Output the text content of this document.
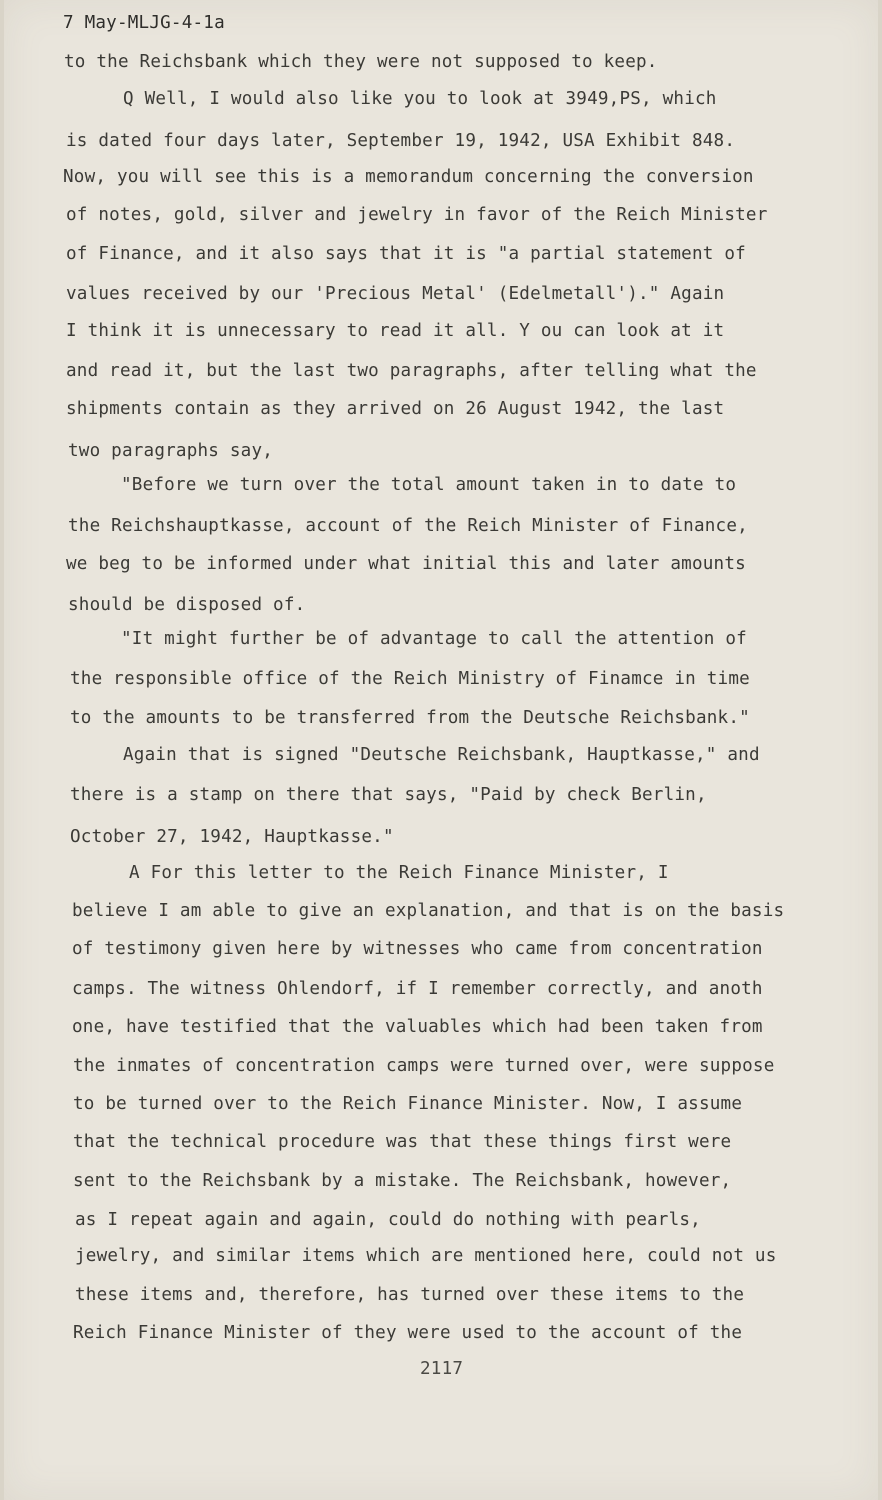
7 May-MLJG-4-1a
to the Reichsbank which they were not supposed to keep.
Q Well, I would also like you to look at 3949,PS, which
is dated four days later, September 19, 1942, USA Exhibit 848.
Now, you will see this is a memorandum concerning the conversion
of notes, gold, silver and jewelry in favor of the Reich Minister
of Finance, and it also says that it is "a partial statement of
values received by our 'Precious Metal' (Edelmetall')." Again
I think it is unnecessary to read it all. Y ou can look at it
and read it, but the last two paragraphs, after telling what the
shipments contain as they arrived on 26 August 1942, the last
two paragraphs say,
"Before we turn over the total amount taken in to date to
the Reichshauptkasse, account of the Reich Minister of Finance,
we beg to be informed under what initial this and later amounts
should be disposed of.
"It might further be of advantage to call the attention of
the responsible office of the Reich Ministry of Finamce in time
to the amounts to be transferred from the Deutsche Reichsbank."
Again that is signed "Deutsche Reichsbank, Hauptkasse," and
there is a stamp on there that says, "Paid by check Berlin,
October 27, 1942, Hauptkasse."
A For this letter to the Reich Finance Minister, I
believe I am able to give an explanation, and that is on the basis
of testimony given here by witnesses who came from concentration
camps. The witness Ohlendorf, if I remember correctly, and anoth
one, have testified that the valuables which had been taken from
the inmates of concentration camps were turned over, were suppose
to be turned over to the Reich Finance Minister. Now, I assume
that the technical procedure was that these things first were
sent to the Reichsbank by a mistake. The Reichsbank, however,
as I repeat again and again, could do nothing with pearls,
jewelry, and similar items which are mentioned here, could not us
these items and, therefore, has turned over these items to the
Reich Finance Minister of they were used to the account of the
2117
